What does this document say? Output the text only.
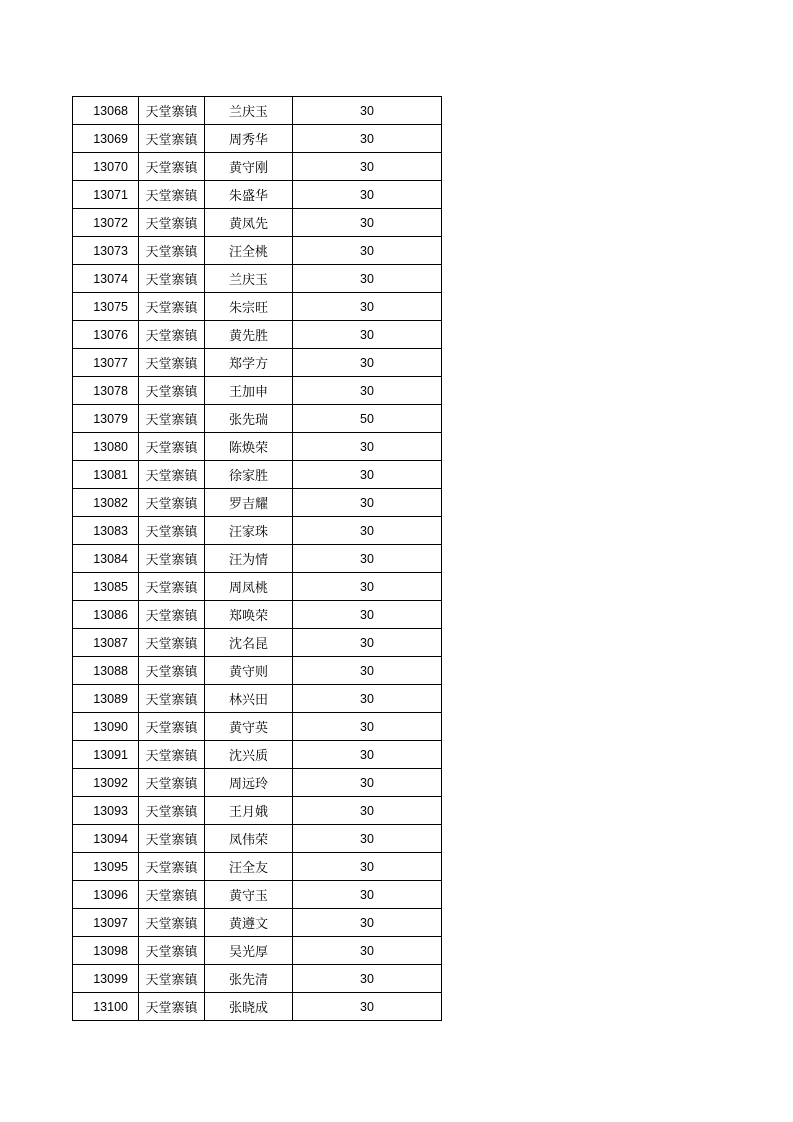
13068	天堂寨镇	兰庆玉	30
13069	天堂寨镇	周秀华	30
13070	天堂寨镇	黄守刚	30
13071	天堂寨镇	朱盛华	30
13072	天堂寨镇	黄凤先	30
13073	天堂寨镇	汪全桃	30
13074	天堂寨镇	兰庆玉	30
13075	天堂寨镇	朱宗旺	30
13076	天堂寨镇	黄先胜	30
13077	天堂寨镇	郑学方	30
13078	天堂寨镇	王加申	30
13079	天堂寨镇	张先瑞	50
13080	天堂寨镇	陈焕荣	30
13081	天堂寨镇	徐家胜	30
13082	天堂寨镇	罗吉耀	30
13083	天堂寨镇	汪家珠	30
13084	天堂寨镇	汪为情	30
13085	天堂寨镇	周凤桃	30
13086	天堂寨镇	郑唤荣	30
13087	天堂寨镇	沈名昆	30
13088	天堂寨镇	黄守则	30
13089	天堂寨镇	林兴田	30
13090	天堂寨镇	黄守英	30
13091	天堂寨镇	沈兴质	30
13092	天堂寨镇	周远玲	30
13093	天堂寨镇	王月娥	30
13094	天堂寨镇	凤伟荣	30
13095	天堂寨镇	汪全友	30
13096	天堂寨镇	黄守玉	30
13097	天堂寨镇	黄遵文	30
13098	天堂寨镇	吴光厚	30
13099	天堂寨镇	张先清	30
13100	天堂寨镇	张晓成	30
